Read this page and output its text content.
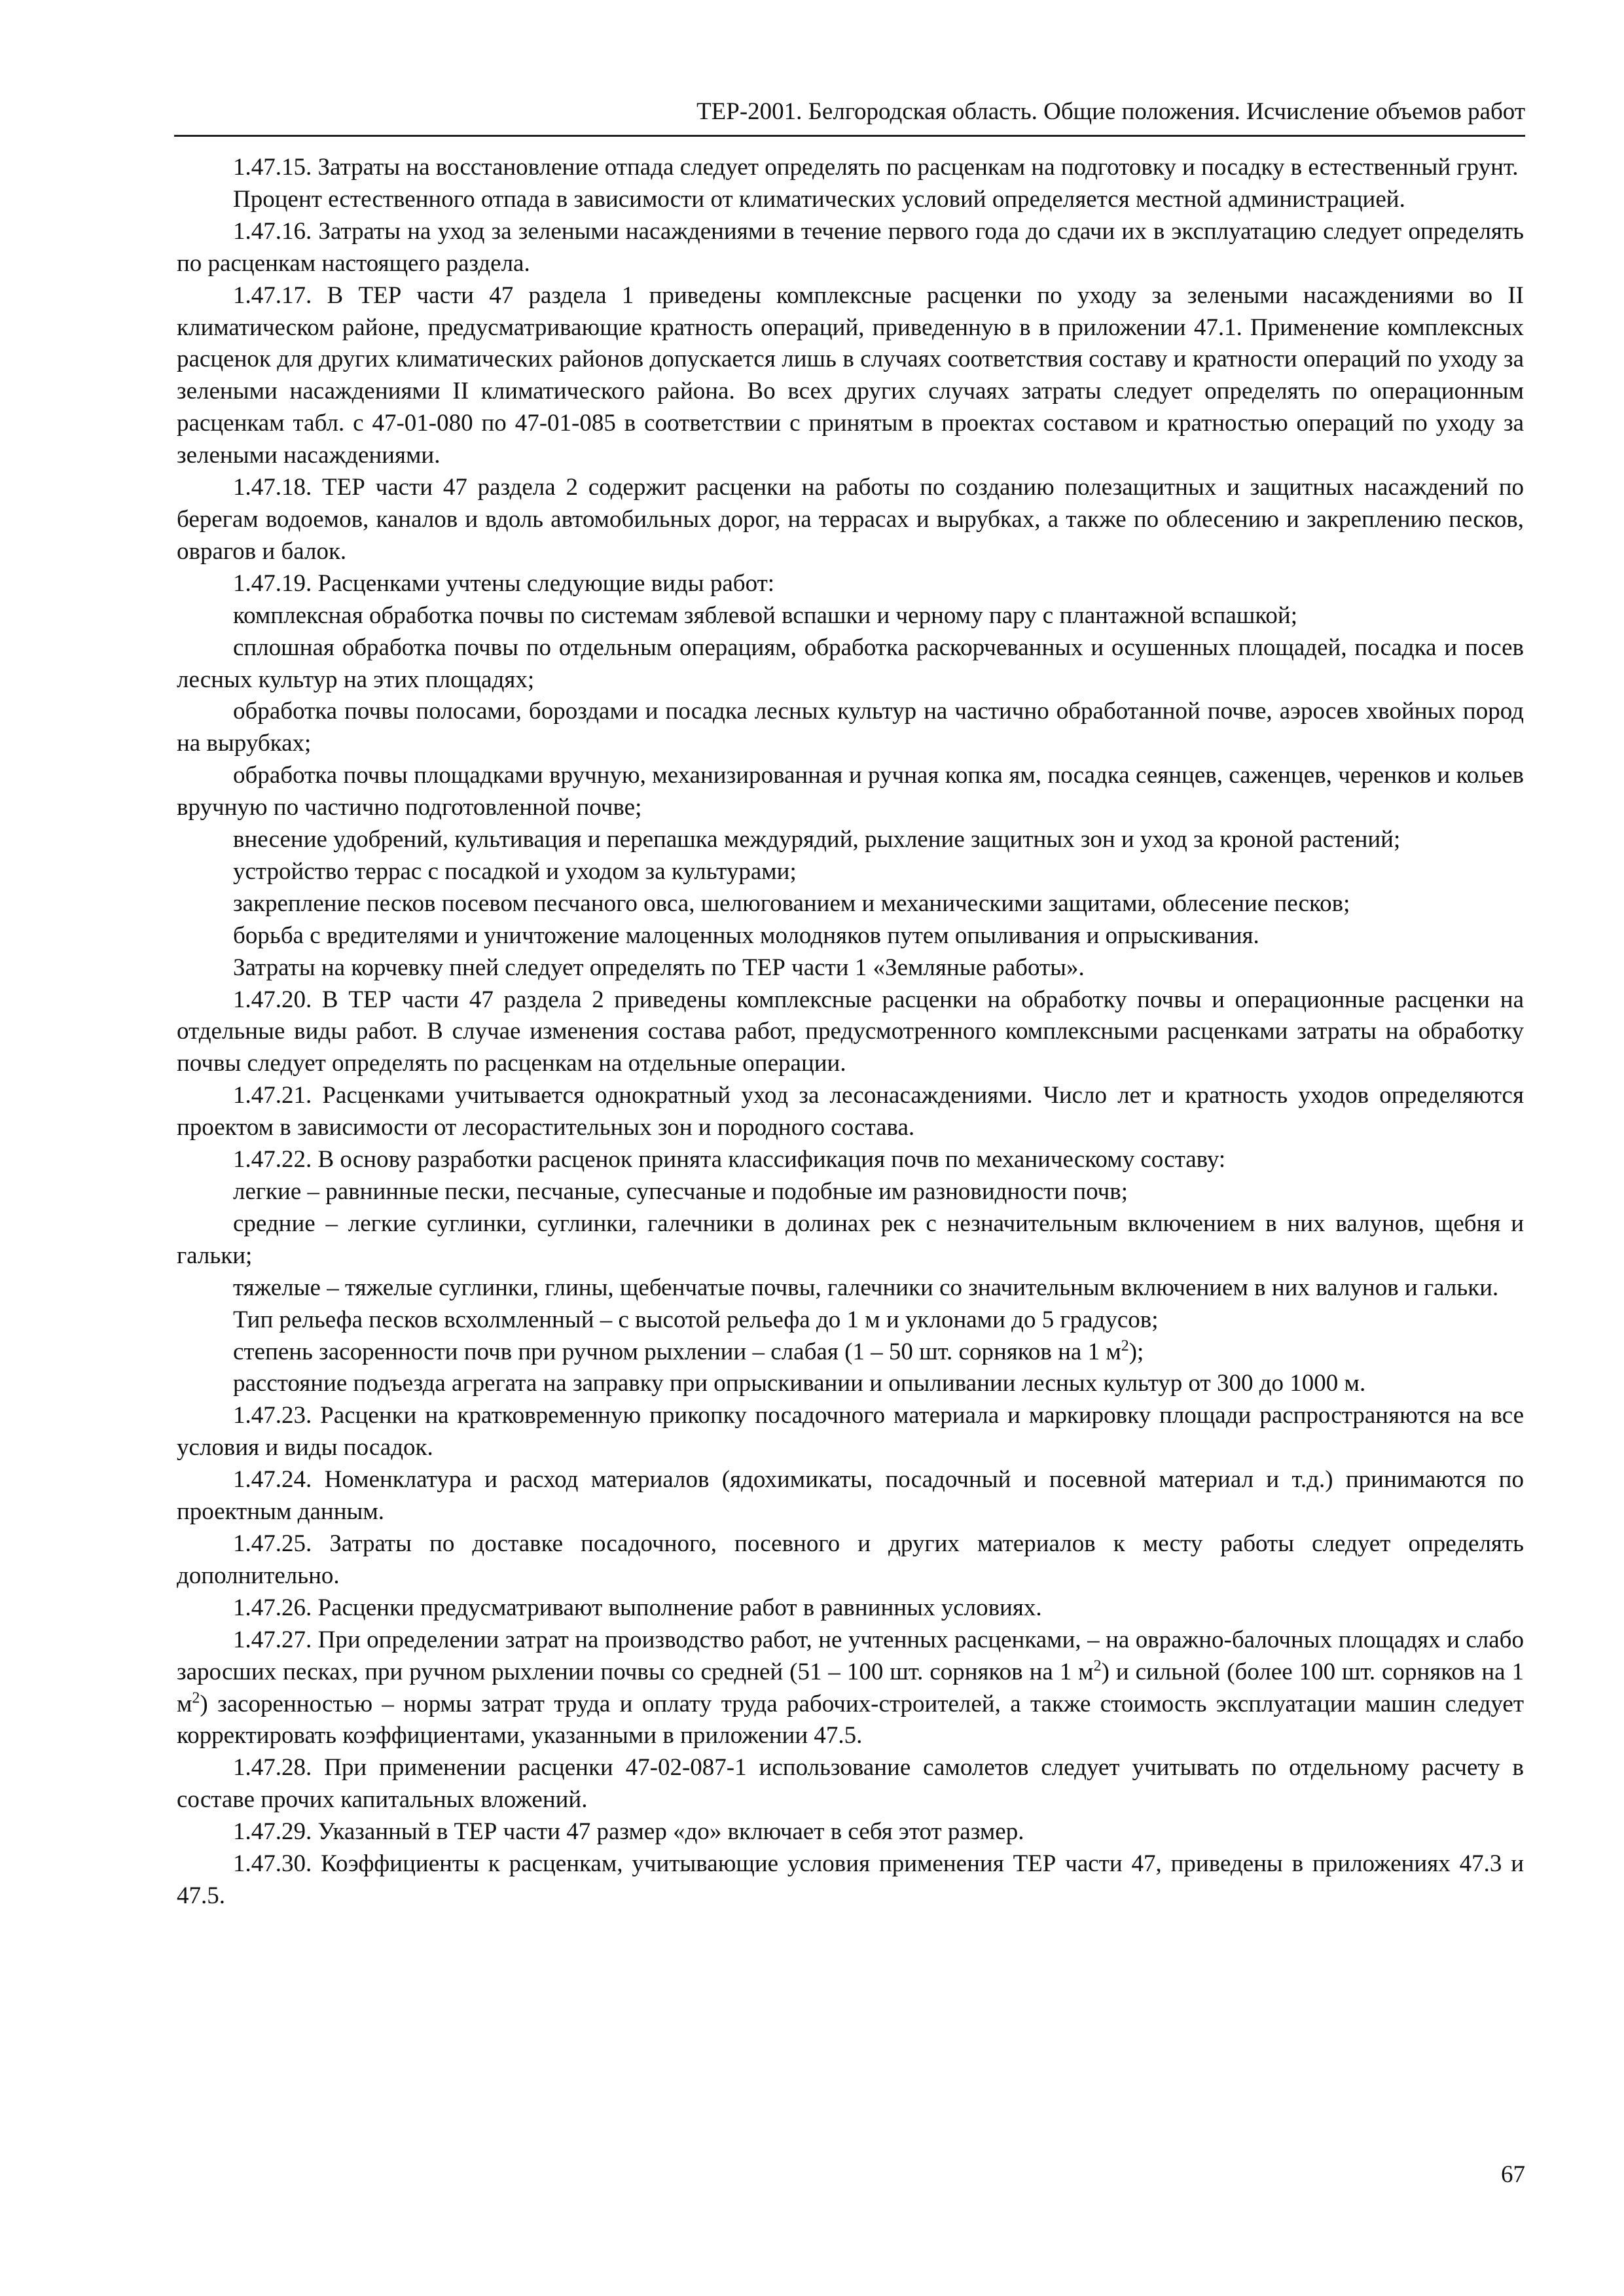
ТЕР-2001. Белгородская область. Общие положения. Исчисление объемов работ

1.47.15. Затраты на восстановление отпада следует определять по расценкам на подготовку и посадку в естественный грунт.

Процент естественного отпада в зависимости от климатических условий определяется местной администрацией.

1.47.16. Затраты на уход за зелеными насаждениями в течение первого года до сдачи их в эксплуатацию следует определять по расценкам настоящего раздела.

1.47.17. В ТЕР части 47 раздела 1 приведены комплексные расценки по уходу за зелеными насаждениями во II климатическом районе, предусматривающие кратность операций, приведенную в в приложении 47.1. Применение комплексных расценок для других климатических районов допускается лишь в случаях соответствия составу и кратности операций по уходу за зелеными насаждениями II климатического района. Во всех других случаях затраты следует определять по операционным расценкам табл. с 47-01-080 по 47-01-085 в соответствии с принятым в проектах составом и кратностью операций по уходу за зелеными насаждениями.

1.47.18. ТЕР части 47 раздела 2 содержит расценки на работы по созданию полезащитных и защитных насаждений по берегам водоемов, каналов и вдоль автомобильных дорог, на террасах и вырубках, а также по облесению и закреплению песков, оврагов и балок.

1.47.19. Расценками учтены следующие виды работ:

комплексная обработка почвы по системам зяблевой вспашки и черному пару с плантажной вспашкой;

сплошная обработка почвы по отдельным операциям, обработка раскорчеванных и осушенных площадей, посадка и посев лесных культур на этих площадях;

обработка почвы полосами, бороздами и посадка лесных культур на частично обработанной почве, аэросев хвойных пород на вырубках;

обработка почвы площадками вручную, механизированная и ручная копка ям, посадка сеянцев, саженцев, черенков и кольев вручную по частично подготовленной почве;

внесение удобрений, культивация и перепашка междурядий, рыхление защитных зон и уход за кроной растений;

устройство террас с посадкой и уходом за культурами;

закрепление песков посевом песчаного овса, шелюгованием и механическими защитами, облесение песков;

борьба с вредителями и уничтожение малоценных молодняков путем опыливания и опрыскивания.

Затраты на корчевку пней следует определять по ТЕР части 1 «Земляные работы».

1.47.20. В ТЕР части 47 раздела 2 приведены комплексные расценки на обработку почвы и операционные расценки на отдельные виды работ. В случае изменения состава работ, предусмотренного комплексными расценками затраты на обработку почвы следует определять по расценкам на отдельные операции.

1.47.21. Расценками учитывается однократный уход за лесонасаждениями. Число лет и кратность уходов определяются проектом в зависимости от лесорастительных зон и породного состава.

1.47.22. В основу разработки расценок принята классификация почв по механическому составу:

легкие – равнинные пески, песчаные, супесчаные и подобные им разновидности почв;

средние – легкие суглинки, суглинки, галечники в долинах рек с незначительным включением в них валунов, щебня и гальки;

тяжелые – тяжелые суглинки, глины, щебенчатые почвы, галечники со значительным включением в них валунов и гальки.

Тип рельефа песков всхолмленный – с высотой рельефа до 1 м и уклонами до 5 градусов;

степень засоренности почв при ручном рыхлении – слабая (1 – 50 шт. сорняков на 1 $м^2$);

расстояние подъезда агрегата на заправку при опрыскивании и опыливании лесных культур от 300 до 1000 м.

1.47.23. Расценки на кратковременную прикопку посадочного материала и маркировку площади распространяются на все условия и виды посадок.

1.47.24. Номенклатура и расход материалов (ядохимикаты, посадочный и посевной материал и т.д.) принимаются по проектным данным.

1.47.25. Затраты по доставке посадочного, посевного и других материалов к месту работы следует определять дополнительно.

1.47.26. Расценки предусматривают выполнение работ в равнинных условиях.

1.47.27. При определении затрат на производство работ, не учтенных расценками, – на овражно-балочных площадях и слабо заросших песках, при ручном рыхлении почвы со средней (51 – 100 шт. сорняков на 1 $м^2$) и сильной (более 100 шт. сорняков на 1 $м^2$) засоренностью – нормы затрат труда и оплату труда рабочих-строителей, а также стоимость эксплуатации машин следует корректировать коэффициентами, указанными в приложении 47.5.

1.47.28. При применении расценки 47-02-087-1 использование самолетов следует учитывать по отдельному расчету в составе прочих капитальных вложений.

1.47.29. Указанный в ТЕР части 47 размер «до» включает в себя этот размер.

1.47.30. Коэффициенты к расценкам, учитывающие условия применения ТЕР части 47, приведены в приложениях 47.3 и 47.5.

67
